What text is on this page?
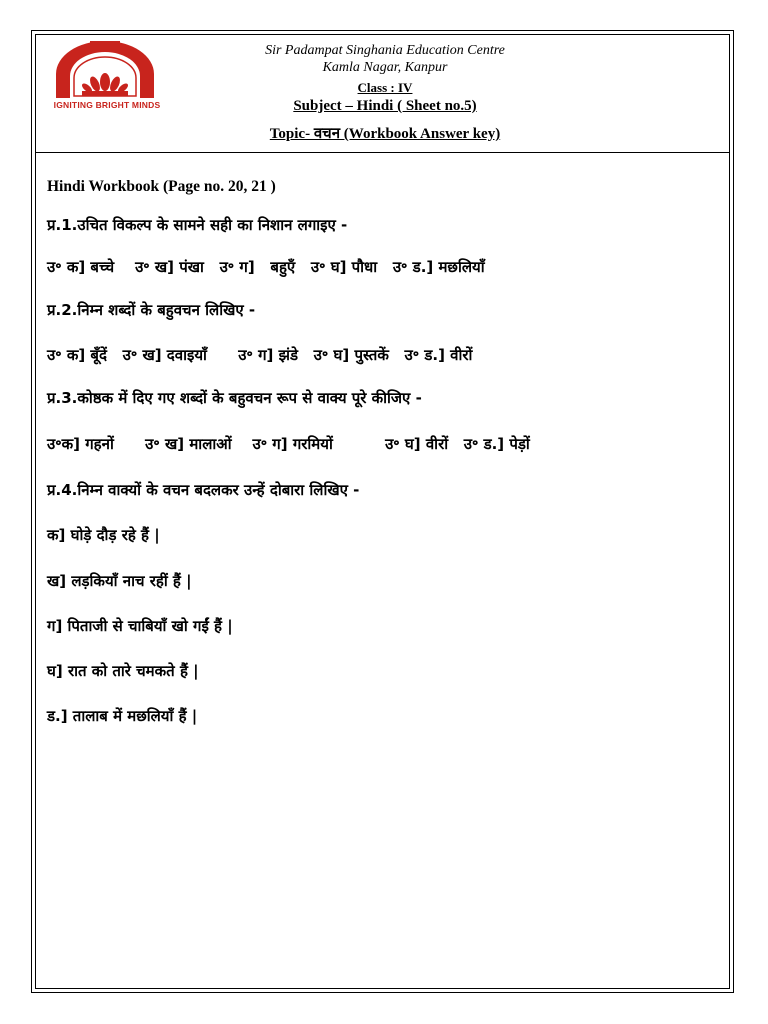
IGNITING BRIGHT MINDS
Sir Padampat Singhania Education Centre
Kamla Nagar, Kanpur
Class : IV
Subject – Hindi ( Sheet no.5)
Topic- वचन (Workbook Answer key)
Hindi Workbook (Page no. 20, 21 )
प्र.1.उचित विकल्प के सामने सही का निशान लगाइए -
उ॰ क] बच्चे    उ॰ ख] पंखा   उ॰ ग]   बहुएँ   उ॰ घ] पौधा   उ॰ ड.] मछलियाँ
प्र.2.निम्न शब्दों के बहुवचन लिखिए -
उ॰ क] बूँदें   उ॰ ख] दवाइयाँ      उ॰ ग] झंडे   उ॰ घ] पुस्तकें   उ॰ ड.] वीरों
प्र.3.कोष्ठक में दिए गए शब्दों के बहुवचन रूप से वाक्य पूरे कीजिए -
उ॰क] गहनों      उ॰ ख] मालाओं    उ॰ ग] गरमियों          उ॰ घ] वीरों   उ॰ ड.] पेड़ों
प्र.4.निम्न वाक्यों के वचन बदलकर उन्हें दोबारा लिखिए -
क] घोड़े दौड़ रहे हैं |
ख] लड़कियाँ नाच रहीं हैं |
ग] पिताजी से चाबियाँ खो गईं हैं |
घ] रात को तारे चमकते हैं |
ड.] तालाब में मछलियाँ हैं |
